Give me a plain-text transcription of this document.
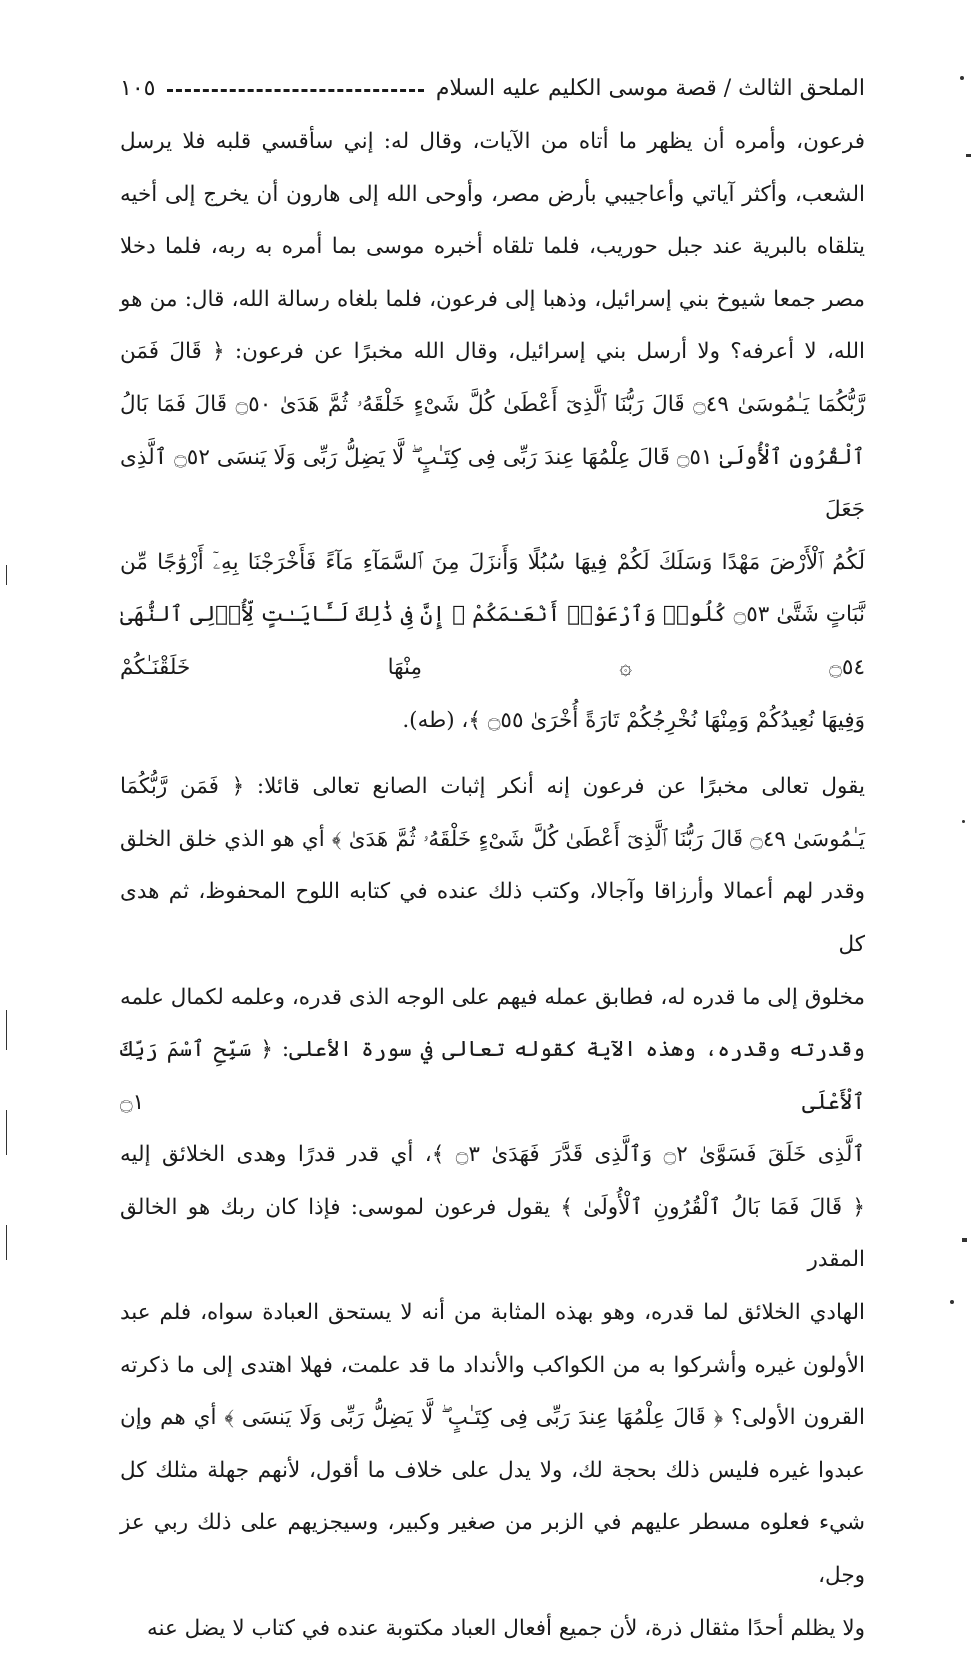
الملحق الثالث / قصة موسى الكليم عليه السلام
١٠٥

فرعون، وأمره أن يظهر ما أتاه من الآيات، وقال له: إني سأقسي قلبه فلا يرسل
الشعب، وأكثر آياتي وأعاجيبي بأرض مصر، وأوحى الله إلى هارون أن يخرج إلى أخيه
يتلقاه بالبرية عند جبل حوريب، فلما تلقاه أخبره موسى بما أمره به ربه، فلما دخلا
مصر جمعا شيوخ بني إسرائيل، وذهبا إلى فرعون، فلما بلغاه رسالة الله، قال: من هو
الله، لا أعرفه؟ ولا أرسل بني إسرائيل، وقال الله مخبرًا عن فرعون: ﴿ قَالَ فَمَن
رَّبُّكُمَا يَـٰمُوسَىٰ ۝٤٩ قَالَ رَبُّنَا ٱلَّذِىٓ أَعْطَىٰ كُلَّ شَىْءٍ خَلْقَهُۥ ثُمَّ هَدَىٰ ۝٥٠ قَالَ فَمَا بَالُ
ٱلْقُرُونِ ٱلْأُولَىٰ ۝٥١ قَالَ عِلْمُهَا عِندَ رَبِّى فِى كِتَـٰبٍ ۖ لَّا يَضِلُّ رَبِّى وَلَا يَنسَى ۝٥٢ ٱلَّذِى جَعَلَ
لَكُمُ ٱلْأَرْضَ مَهْدًا وَسَلَكَ لَكُمْ فِيهَا سُبُلًا وَأَنزَلَ مِنَ ٱلسَّمَآءِ مَآءً فَأَخْرَجْنَا بِهِۦٓ أَزْوَٰجًا مِّن
نَّبَاتٍ شَتَّىٰ ۝٥٣ كُلُوا۟ وَٱرْعَوْا۟ أَنْعَـٰمَكُمْ ۗ إِنَّ فِى ذَٰلِكَ لَـَٔايَـٰتٍ لِّأُو۟لِى ٱلنُّهَىٰ ۝٥٤ ۞ مِنْهَا خَلَقْنَـٰكُمْ
وَفِيهَا نُعِيدُكُمْ وَمِنْهَا نُخْرِجُكُمْ تَارَةً أُخْرَىٰ ۝٥٥ ﴾، (طه).

يقول تعالى مخبرًا عن فرعون إنه أنكر إثبات الصانع تعالى قائلا: ﴿ فَمَن رَّبُّكُمَا
يَـٰمُوسَىٰ ۝٤٩ قَالَ رَبُّنَا ٱلَّذِىٓ أَعْطَىٰ كُلَّ شَىْءٍ خَلْقَهُۥ ثُمَّ هَدَىٰ ﴾ أي هو الذي خلق الخلق
وقدر لهم أعمالا وأرزاقا وآجالا، وكتب ذلك عنده في كتابه اللوح المحفوظ، ثم هدى كل
مخلوق إلى ما قدره له، فطابق عمله فيهم على الوجه الذى قدره، وعلمه لكمال علمه
وقدرته وقدره، وهذه الآية كقوله تعالى في سورة الأعلى: ﴿ سَبِّحِ ٱسْمَ رَبِّكَ ٱلْأَعْلَى ۝١
ٱلَّذِى خَلَقَ فَسَوَّىٰ ۝٢ وَٱلَّذِى قَدَّرَ فَهَدَىٰ ۝٣ ﴾، أي قدر قدرًا وهدى الخلائق إليه
﴿ قَالَ فَمَا بَالُ ٱلْقُرُونِ ٱلْأُولَىٰ ﴾ يقول فرعون لموسى: فإذا كان ربك هو الخالق المقدر
الهادي الخلائق لما قدره، وهو بهذه المثابة من أنه لا يستحق العبادة سواه، فلم عبد
الأولون غيره وأشركوا به من الكواكب والأنداد ما قد علمت، فهلا اهتدى إلى ما ذكرته
القرون الأولى؟ ﴿ قَالَ عِلْمُهَا عِندَ رَبِّى فِى كِتَـٰبٍ ۖ لَّا يَضِلُّ رَبِّى وَلَا يَنسَى ﴾ أي هم وإن
عبدوا غيره فليس ذلك بحجة لك، ولا يدل على خلاف ما أقول، لأنهم جهلة مثلك كل
شيء فعلوه مسطر عليهم في الزبر من صغير وكبير، وسيجزيهم على ذلك ربي عز وجل،
ولا يظلم أحدًا مثقال ذرة، لأن جميع أفعال العباد مكتوبة عنده في كتاب لا يضل عنه
